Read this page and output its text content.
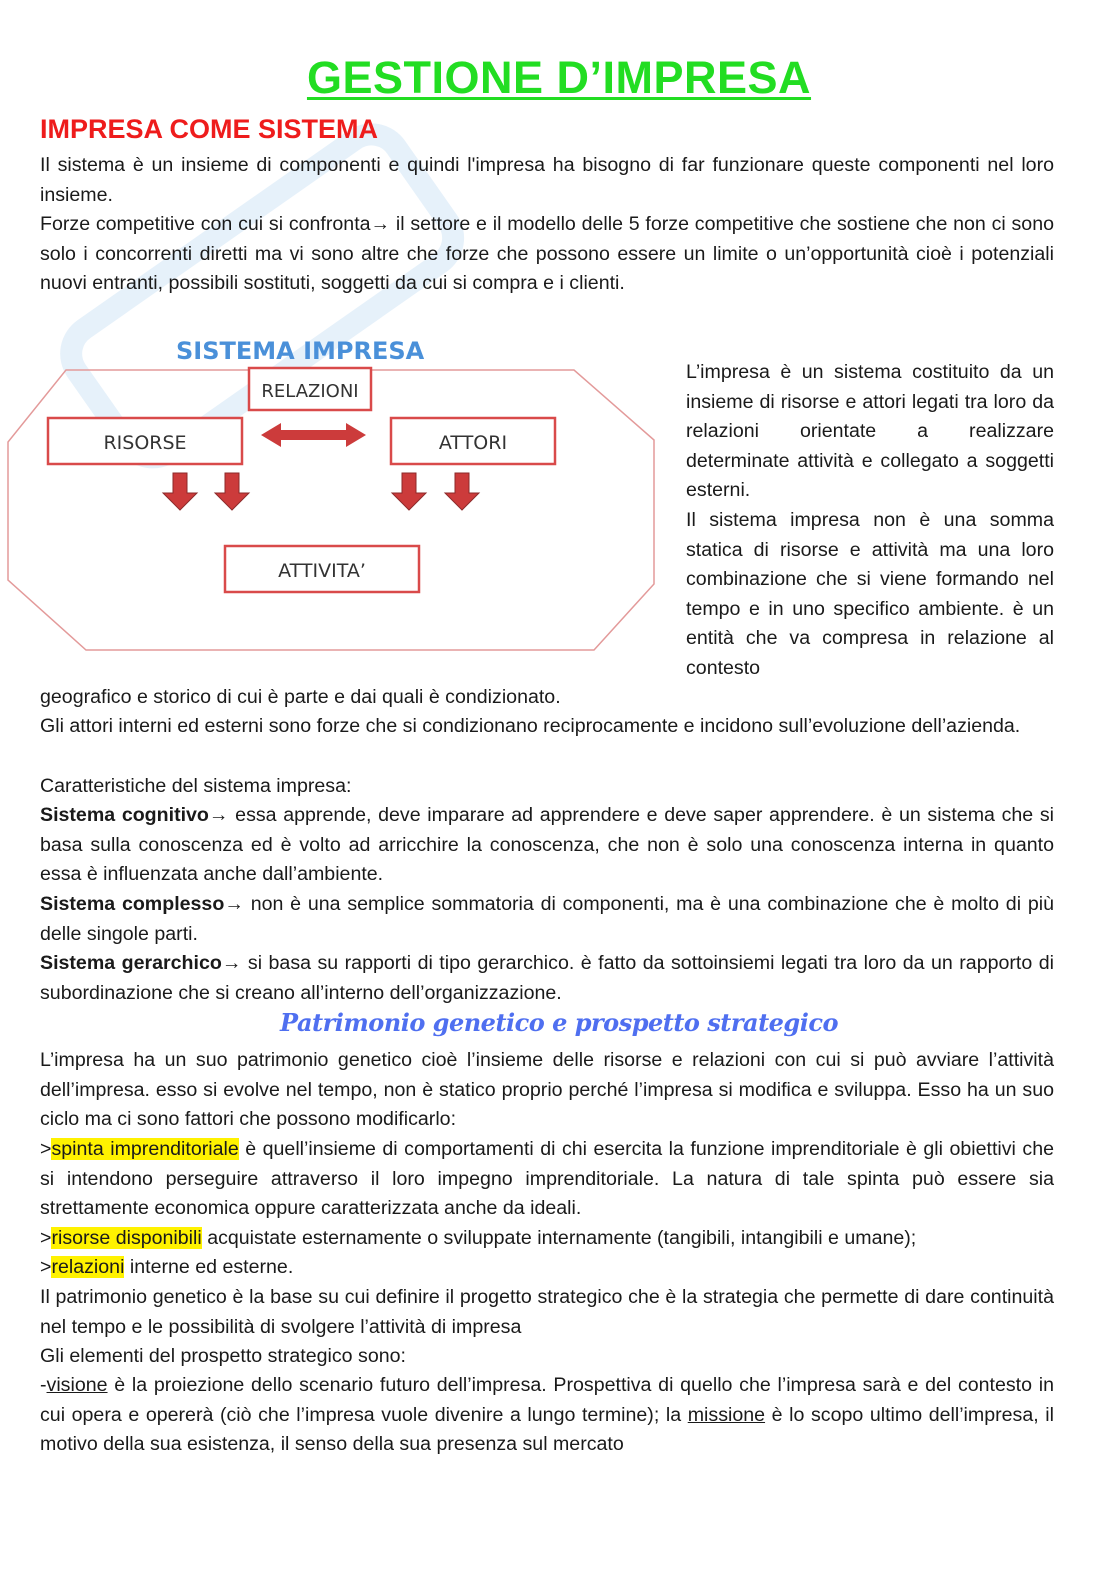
GESTIONE D’IMPRESA
IMPRESA COME SISTEMA

Il sistema è un insieme di componenti e quindi l'impresa ha bisogno di far funzionare queste componenti nel loro insieme.

Forze competitive con cui si confronta→ il settore e il modello delle 5 forze competitive che sostiene che non ci sono solo i concorrenti diretti ma vi sono altre che forze che possono essere un limite o un’opportunità cioè i potenziali nuovi entranti, possibili sostituti, soggetti da cui si compra e i clienti.

SISTEMA IMPRESA
RELAZIONI
RISORSE	ATTORI
ATTIVITA’

L’impresa è un sistema costituito da un insieme di risorse e attori legati tra loro da relazioni orientate a realizzare determinate attività e collegato a soggetti esterni.

Il sistema impresa non è una somma statica di risorse e attività ma una loro combinazione che si viene formando nel tempo e in uno specifico ambiente. è un entità che va compresa in relazione al contesto

geografico e storico di cui è parte e dai quali è condizionato.

Gli attori interni ed esterni sono forze che si condizionano reciprocamente e incidono sull’evoluzione dell’azienda.

Caratteristiche del sistema impresa:

Sistema cognitivo→ essa apprende, deve imparare ad apprendere e deve saper apprendere. è un sistema che si basa sulla conoscenza ed è volto ad arricchire la conoscenza, che non è solo una conoscenza interna in quanto essa è influenzata anche dall’ambiente.

Sistema complesso→ non è una semplice sommatoria di componenti, ma è una combinazione che è molto di più delle singole parti.

Sistema gerarchico→ si basa su rapporti di tipo gerarchico. è fatto da sottoinsiemi legati tra loro da un rapporto di subordinazione che si creano all’interno dell’organizzazione.

Patrimonio genetico e prospetto strategico

L’impresa ha un suo patrimonio genetico cioè l’insieme delle risorse e relazioni con cui si può avviare l’attività dell’impresa. esso si evolve nel tempo, non è statico proprio perché l’impresa si modifica e sviluppa. Esso ha un suo ciclo ma ci sono fattori che possono modificarlo:

>spinta imprenditoriale è quell’insieme di comportamenti di chi esercita la funzione imprenditoriale è gli obiettivi che si intendono perseguire attraverso il loro impegno imprenditoriale. La natura di tale spinta può essere sia strettamente economica oppure caratterizzata anche da ideali.

>risorse disponibili acquistate esternamente o sviluppate internamente (tangibili, intangibili e umane);

>relazioni interne ed esterne.

Il patrimonio genetico è la base su cui definire il progetto strategico che è la strategia che permette di dare continuità nel tempo e le possibilità di svolgere l’attività di impresa

Gli elementi del prospetto strategico sono:

-visione è la proiezione dello scenario futuro dell’impresa. Prospettiva di quello che l’impresa sarà e del contesto in cui opera e opererà (ciò che l’impresa vuole divenire a lungo termine); la missione è lo scopo ultimo dell’impresa, il motivo della sua esistenza, il senso della sua presenza sul mercato
